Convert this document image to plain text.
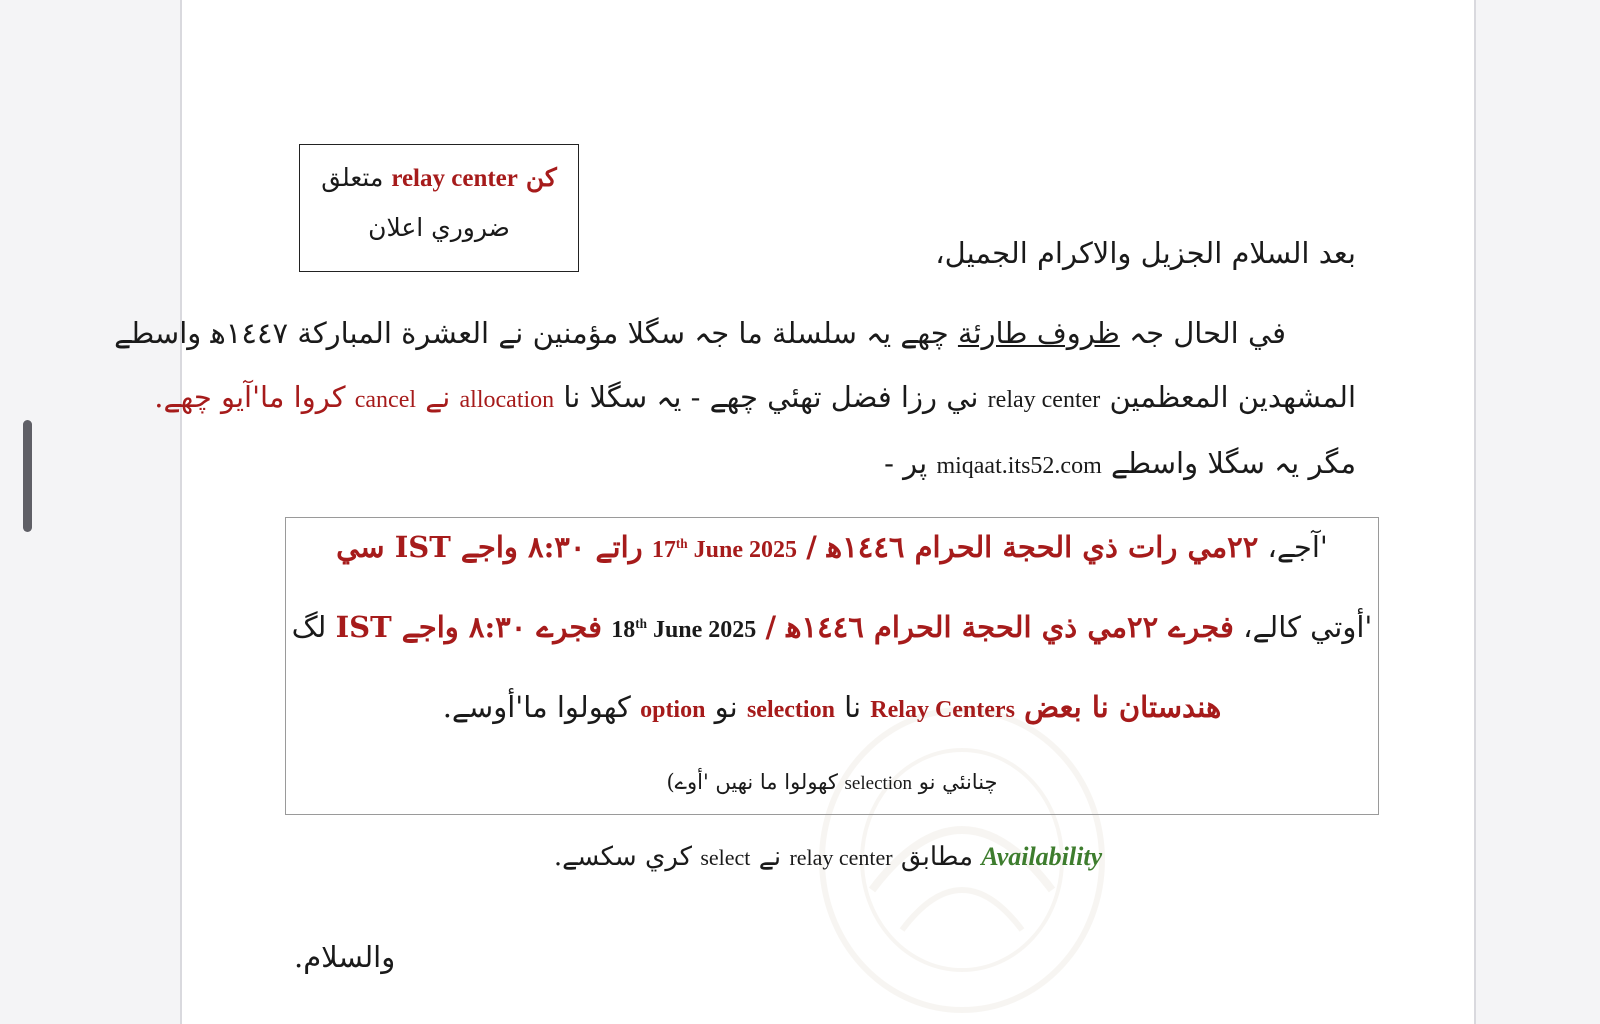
كن relay center متعلق
ضروري اعلان
بعد السلام الجزيل والاكرام الجميل،
في الحال جہ ظروف طارئة چھے يہ سلسلة ما جہ سگلا مؤمنين نے العشرة المباركة ١٤٤٧ﻫ واسطے
المشهدين المعظمين relay center ني رزا فضل تھئي چھے - يہ سگلا نا allocation نے cancel كروا ما'آيو چھے.
مگر يہ سگلا واسطے miqaat.its52.com پر -
'آجے، ٢٢مي رات ذي الحجة الحرام ١٤٤٦ﻫ / 17th June 2025 راتے ٨:٣٠ واجے IST سي
'أوتي كالے، فجرے ٢٢مي ذي الحجة الحرام ١٤٤٦ﻫ / 18th June 2025 فجرے ٨:٣٠ واجے IST لگ
هندستان نا بعض Relay Centers نا selection نو option كھولوا ما'أوسے.
چنانئي نو selection كھولوا ما نهيں 'أوے)
Availability مطابق relay center نے select كري سكسے.
والسلام.
